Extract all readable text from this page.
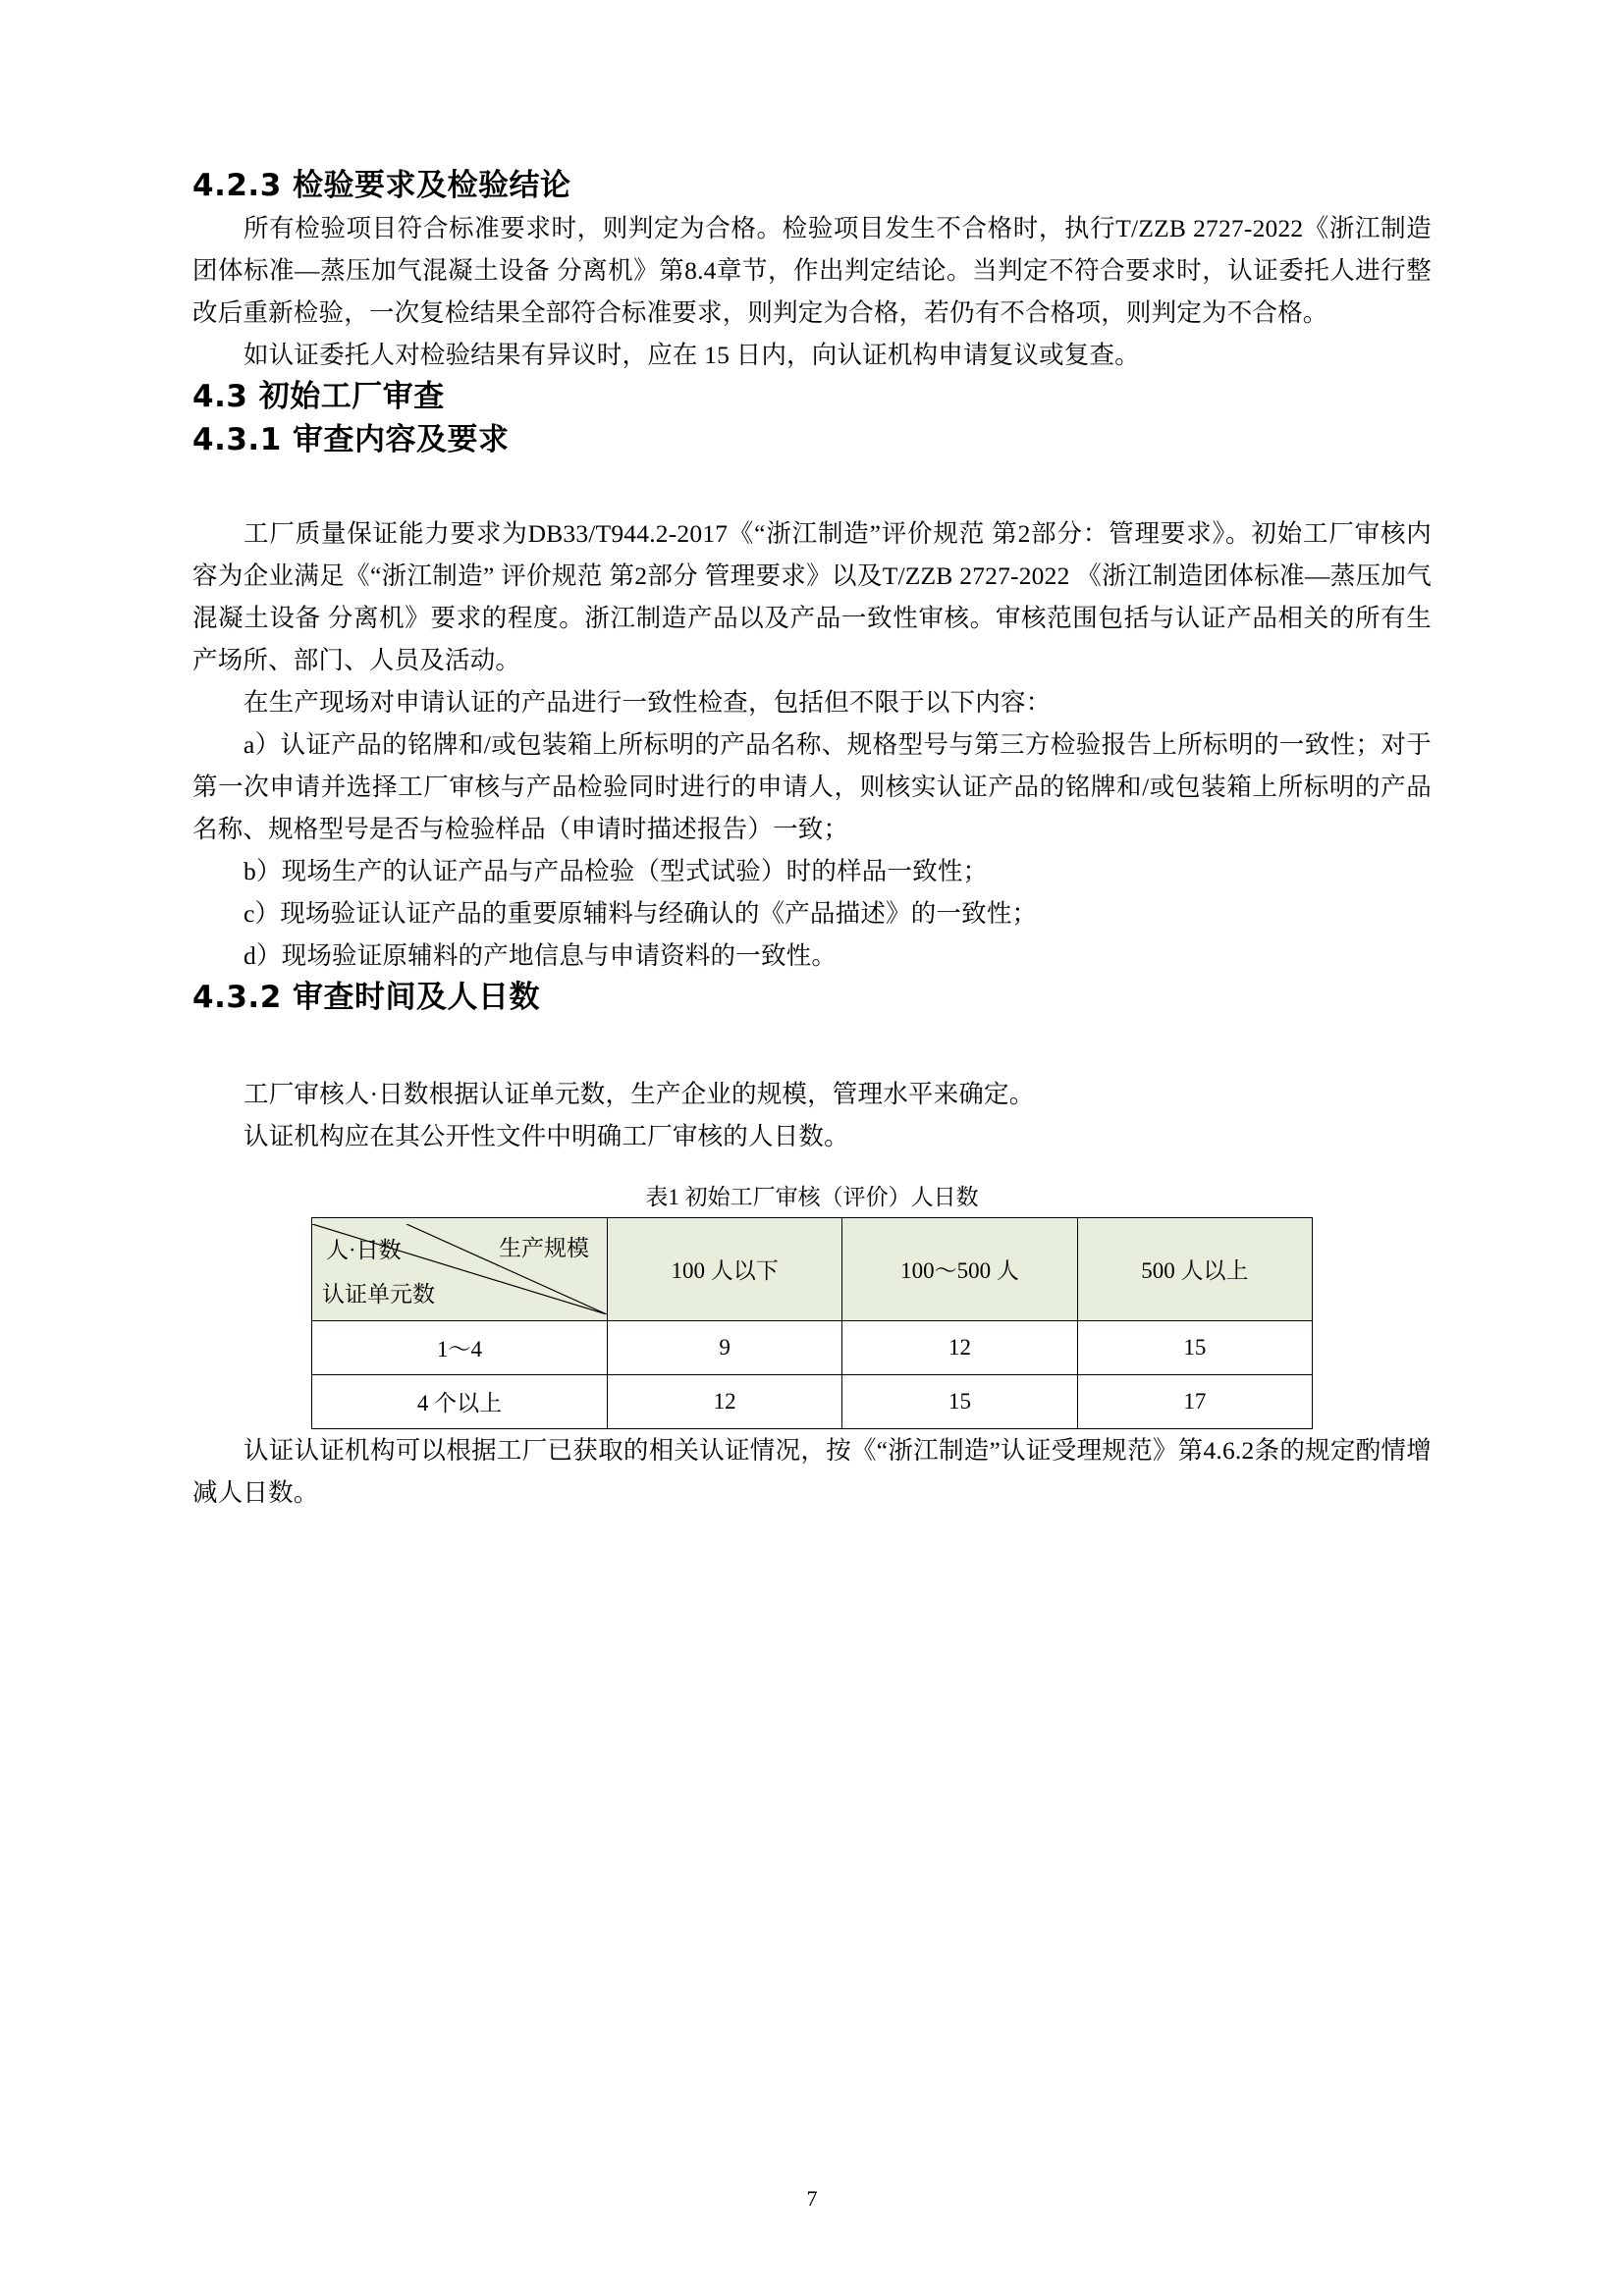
4.2.3 检验要求及检验结论

所有检验项目符合标准要求时，则判定为合格。检验项目发生不合格时，执行T/ZZB 2727-2022《浙江制造团体标准—蒸压加气混凝土设备 分离机》第8.4章节，作出判定结论。当判定不符合要求时，认证委托人进行整改后重新检验，一次复检结果全部符合标准要求，则判定为合格，若仍有不合格项，则判定为不合格。

如认证委托人对检验结果有异议时，应在 15 日内，向认证机构申请复议或复查。

4.3 初始工厂审查
4.3.1 审查内容及要求

工厂质量保证能力要求为DB33/T944.2-2017《“浙江制造”评价规范 第2部分：管理要求》。初始工厂审核内容为企业满足《“浙江制造” 评价规范 第2部分 管理要求》以及T/ZZB 2727-2022 《浙江制造团体标准—蒸压加气混凝土设备 分离机》要求的程度。浙江制造产品以及产品一致性审核。审核范围包括与认证产品相关的所有生产场所、部门、人员及活动。

在生产现场对申请认证的产品进行一致性检查，包括但不限于以下内容：

a）认证产品的铭牌和/或包装箱上所标明的产品名称、规格型号与第三方检验报告上所标明的一致性；对于第一次申请并选择工厂审核与产品检验同时进行的申请人，则核实认证产品的铭牌和/或包装箱上所标明的产品名称、规格型号是否与检验样品（申请时描述报告）一致；

b）现场生产的认证产品与产品检验（型式试验）时的样品一致性；

c）现场验证认证产品的重要原辅料与经确认的《产品描述》的一致性；

d）现场验证原辅料的产地信息与申请资料的一致性。

4.3.2 审查时间及人日数

工厂审核人·日数根据认证单元数，生产企业的规模，管理水平来确定。

认证机构应在其公开性文件中明确工厂审核的人日数。

表1 初始工厂审核（评价）人日数
人·日数 生产规模
认证单元数	100 人以下	100～500 人	500 人以上
1～4	9	12	15
4 个以上	12	15	17

认证认证机构可以根据工厂已获取的相关认证情况，按《“浙江制造”认证受理规范》第4.6.2条的规定酌情增减人日数。

7
